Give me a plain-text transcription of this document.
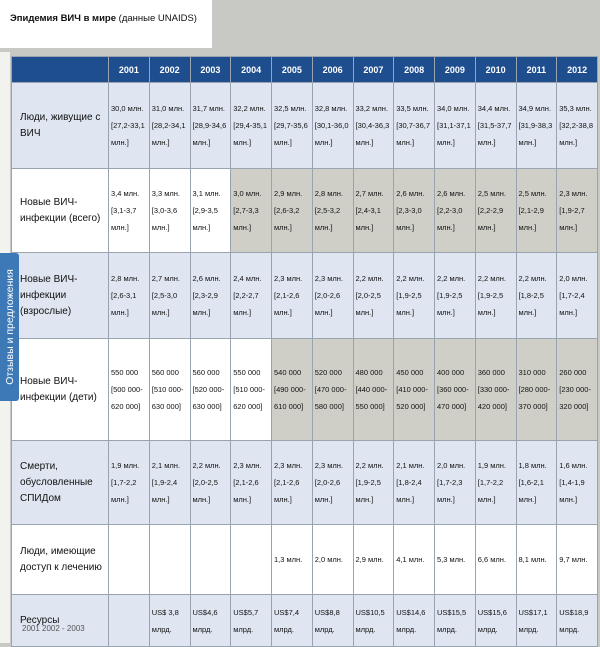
Эпидемия ВИЧ в мире (данные UNAIDS)
	2001	2002	2003	2004	2005	2006	2007	2008	2009	2010	2011	2012
Люди, живущие с ВИЧ	30,0 млн. [27,2-33,1 млн.]	31,0 млн. [28,2-34,1 млн.]	31,7 млн. [28,9-34,6 млн.]	32,2 млн. [29,4-35,1 млн.]	32,5 млн. [29,7-35,6 млн.]	32,8 млн. [30,1-36,0 млн.]	33,2 млн. [30,4-36,3 млн.]	33,5 млн. [30,7-36,7 млн.]	34,0 млн. [31,1-37,1 млн.]	34,4 млн. [31,5-37,7 млн.]	34,9 млн. [31,9-38,3 млн.]	35,3 млн. [32,2-38,8 млн.]
Новые ВИЧ-инфекции (всего)	3,4 млн. [3,1-3,7 млн.]	3,3 млн. [3,0-3,6 млн.]	3,1 млн. [2,9-3,5 млн.]	3,0 млн. [2,7-3,3 млн.]	2,9 млн. [2,6-3,2 млн.]	2,8 млн. [2,5-3,2 млн.]	2,7 млн. [2,4-3,1 млн.]	2,6 млн. [2,3-3,0 млн.]	2,6 млн. [2,2-3,0 млн.]	2,5 млн. [2,2-2,9 млн.]	2,5 млн. [2,1-2,9 млн.]	2,3 млн. [1,9-2,7 млн.]
Новые ВИЧ-инфекции (взрослые)	2,8 млн. [2,6-3,1 млн.]	2,7 млн. [2,5-3,0 млн.]	2,6 млн. [2,3-2,9 млн.]	2,4 млн. [2,2-2,7 млн.]	2,3 млн. [2,1-2,6 млн.]	2,3 млн. [2,0-2,6 млн.]	2,2 млн. [2,0-2,5 млн.]	2,2 млн. [1,9-2,5 млн.]	2,2 млн. [1,9-2,5 млн.]	2,2 млн. [1,9-2,5 млн.]	2,2 млн. [1,8-2,5 млн.]	2,0 млн. [1,7-2,4 млн.]
Новые ВИЧ-инфекции (дети)	550 000 [500 000-620 000]	560 000 [510 000-630 000]	560 000 [520 000-630 000]	550 000 [510 000-620 000]	540 000 [490 000-610 000]	520 000 [470 000-580 000]	480 000 [440 000-550 000]	450 000 [410 000-520 000]	400 000 [360 000-470 000]	360 000 [330 000-420 000]	310 000 [280 000-370 000]	260 000 [230 000-320 000]
Смерти, обусловленные СПИДом	1,9 млн. [1,7-2,2 млн.]	2,1 млн. [1,9-2,4 млн.]	2,2 млн. [2,0-2,5 млн.]	2,3 млн. [2,1-2,6 млн.]	2,3 млн. [2,1-2,6 млн.]	2,3 млн. [2,0-2,6 млн.]	2,2 млн. [1,9-2,5 млн.]	2,1 млн. [1,8-2,4 млн.]	2,0 млн. [1,7-2,3 млн.]	1,9 млн. [1,7-2,2 млн.]	1,8 млн. [1,6-2,1 млн.]	1,6 млн. [1,4-1,9 млн.]
Люди, имеющие доступ к лечению					1,3 млн.	2,0 млн.	2,9 млн.	4,1 млн.	5,3 млн.	6,6 млн.	8,1 млн.	9,7 млн.
Ресурсы		US$ 3,8 млрд.	US$4,6 млрд.	US$5,7 млрд.	US$7,4 млрд.	US$8,8 млрд.	US$10,5 млрд.	US$14,6 млрд.	US$15,5 млрд.	US$15,6 млрд.	US$17,1 млрд.	US$18,9 млрд.
Отзывы и предложения
2001 2002 - 2003
